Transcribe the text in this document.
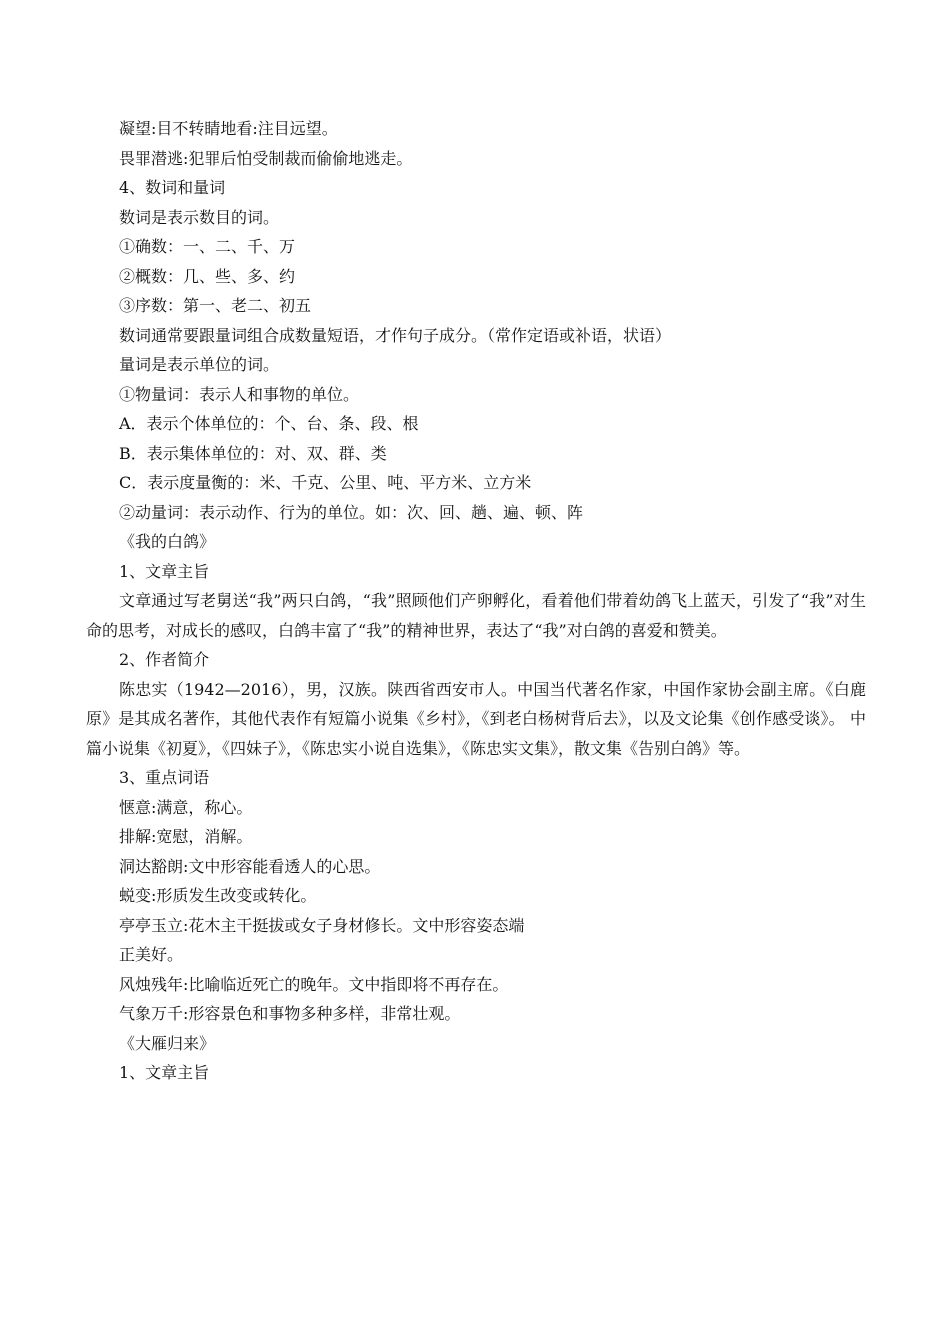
凝望:目不转睛地看:注目远望。
畏罪潜逃:犯罪后怕受制裁而偷偷地逃走。
4、数词和量词
数词是表示数目的词。
①确数：一、二、千、万
②概数：几、些、多、约
③序数：第一、老二、初五
数词通常要跟量词组合成数量短语，才作句子成分。（常作定语或补语，状语）
量词是表示单位的词。
①物量词：表示人和事物的单位。
A．表示个体单位的：个、台、条、段、根
B．表示集体单位的：对、双、群、类
C．表示度量衡的：米、千克、公里、吨、平方米、立方米
②动量词：表示动作、行为的单位。如：次、回、趟、遍、顿、阵
《我的白鸽》
1、文章主旨

文章通过写老舅送“我”两只白鸽，“我”照顾他们产卵孵化，看着他们带着幼鸽飞上蓝天，引发了“我”对生命的思考，对成长的感叹，白鸽丰富了“我”的精神世界，表达了“我”对白鸽的喜爱和赞美。

2、作者简介

陈忠实（1942—2016），男，汉族。陕西省西安市人。中国当代著名作家，中国作家协会副主席。《白鹿原》是其成名著作，其他代表作有短篇小说集《乡村》，《到老白杨树背后去》，以及文论集《创作感受谈》。 中篇小说集《初夏》，《四妹子》，《陈忠实小说自选集》，《陈忠实文集》，散文集《告别白鸽》等。

3、重点词语
惬意:满意，称心。
排解:宽慰，消解。
洞达豁朗:文中形容能看透人的心思。
蜕变:形质发生改变或转化。
亭亭玉立:花木主干挺拔或女子身材修长。文中形容姿态端
正美好。
风烛残年:比喻临近死亡的晚年。文中指即将不再存在。
气象万千:形容景色和事物多种多样，非常壮观。
《大雁归来》
1、文章主旨
